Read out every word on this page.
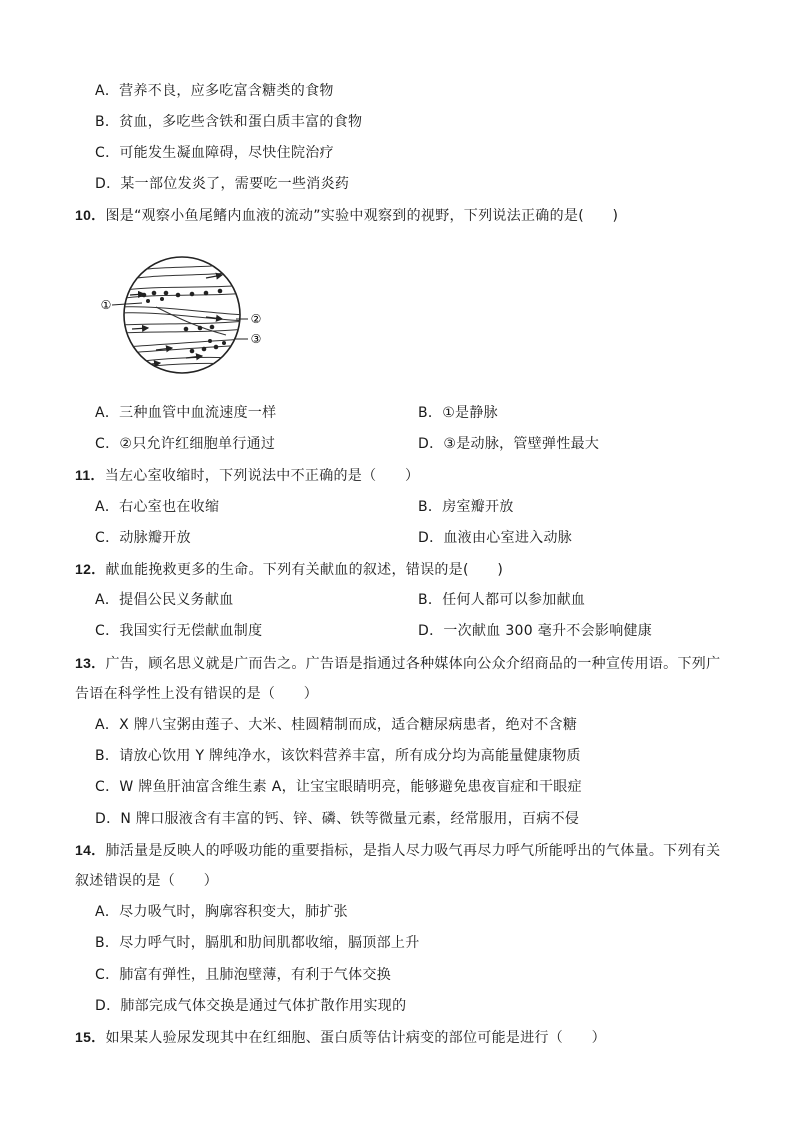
A．营养不良，应多吃富含糖类的食物
B．贫血，多吃些含铁和蛋白质丰富的食物
C．可能发生凝血障碍，尽快住院治疗
D．某一部位发炎了，需要吃一些消炎药
10．图是“观察小鱼尾鳍内血液的流动”实验中观察到的视野，下列说法正确的是(　　)
①
②
③
A．三种血管中血流速度一样	B．①是静脉
C．②只允许红细胞单行通过	D．③是动脉，管壁弹性最大
11．当左心室收缩时，下列说法中不正确的是（　　）
A．右心室也在收缩	B．房室瓣开放
C．动脉瓣开放	D．血液由心室进入动脉
12．献血能挽救更多的生命。下列有关献血的叙述，错误的是(　　)
A．提倡公民义务献血	B．任何人都可以参加献血
C．我国实行无偿献血制度	D．一次献血 300 毫升不会影响健康
13．广告，顾名思义就是广而告之。广告语是指通过各种媒体向公众介绍商品的一种宣传用语。下列广
告语在科学性上没有错误的是（　　）
A．X 牌八宝粥由莲子、大米、桂圆精制而成，适合糖尿病患者，绝对不含糖
B．请放心饮用 Y 牌纯净水，该饮料营养丰富，所有成分均为高能量健康物质
C．W 牌鱼肝油富含维生素 A，让宝宝眼睛明亮，能够避免患夜盲症和干眼症
D．N 牌口服液含有丰富的钙、锌、磷、铁等微量元素，经常服用，百病不侵
14．肺活量是反映人的呼吸功能的重要指标，是指人尽力吸气再尽力呼气所能呼出的气体量。下列有关
叙述错误的是（　　）
A．尽力吸气时，胸廓容积变大，肺扩张
B．尽力呼气时，膈肌和肋间肌都收缩，膈顶部上升
C．肺富有弹性，且肺泡壁薄，有利于气体交换
D．肺部完成气体交换是通过气体扩散作用实现的
15．如果某人验尿发现其中在红细胞、蛋白质等估计病变的部位可能是进行（　　）
